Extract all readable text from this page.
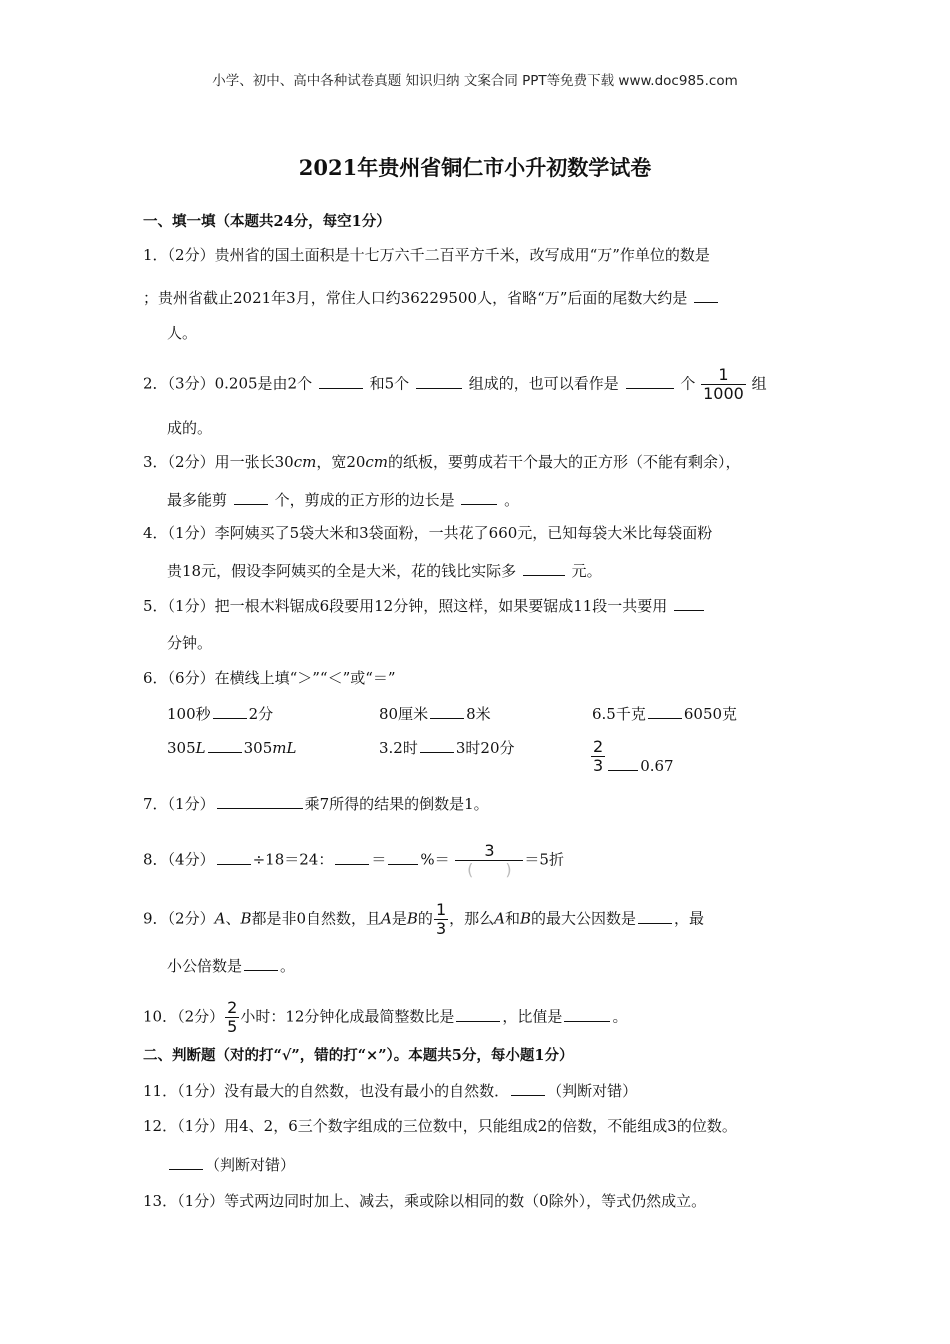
小学、初中、高中各种试卷真题 知识归纳 文案合同 PPT等免费下载 www.doc985.com
2021年贵州省铜仁市小升初数学试卷
一、填一填（本题共24分，每空1分）
1．（2分）贵州省的国土面积是十七万六千二百平方千米，改写成用“万”作单位的数是
；贵州省截止2021年3月，常住人口约36229500人，省略“万”后面的尾数大约是
人。
2．（3分）0.205是由2个	和5个	组成的，也可以看作是	个 $\frac{1}{1000}$ 组
成的。
3．（2分）用一张长30cm，宽20cm的纸板，要剪成若干个最大的正方形（不能有剩余），
最多能剪	个，剪成的正方形的边长是	。
4．（1分）李阿姨买了5袋大米和3袋面粉，一共花了660元，已知每袋大米比每袋面粉
贵18元，假设李阿姨买的全是大米，花的钱比实际多	元。
5．（1分）把一根木料锯成6段要用12分钟，照这样，如果要锯成11段一共要用
分钟。
6．（6分）在横线上填“＞”“＜”或“＝”
100秒	2分	80厘米	8米	6.5千克	6050克
305L	305mL	3.2时	3时20分	$\frac{2}{3} 0.67$
7．（1分）	乘7所得的结果的倒数是1。
8．（4分）	÷18＝24：	＝ %＝ $\frac{3}{( )} =5$折
9．（2分）A、B都是非0自然数，且A是B的 $\frac{1}{3}$ ，那么A和B的最大公因数是	，最
小公倍数是	。
10．（2分） $\frac{2}{5}$ 小时：12分钟化成最简整数比是	，比值是	。
二、判断题（对的打“√”，错的打“×”）。本题共5分，每小题1分）
11．（1分）没有最大的自然数，也没有最小的自然数．	（判断对错）
12．（1分）用4、2，6三个数字组成的三位数中，只能组成2的倍数，不能组成3的位数。
（判断对错）
13．（1分）等式两边同时加上、减去，乘或除以相同的数（0除外），等式仍然成立。
